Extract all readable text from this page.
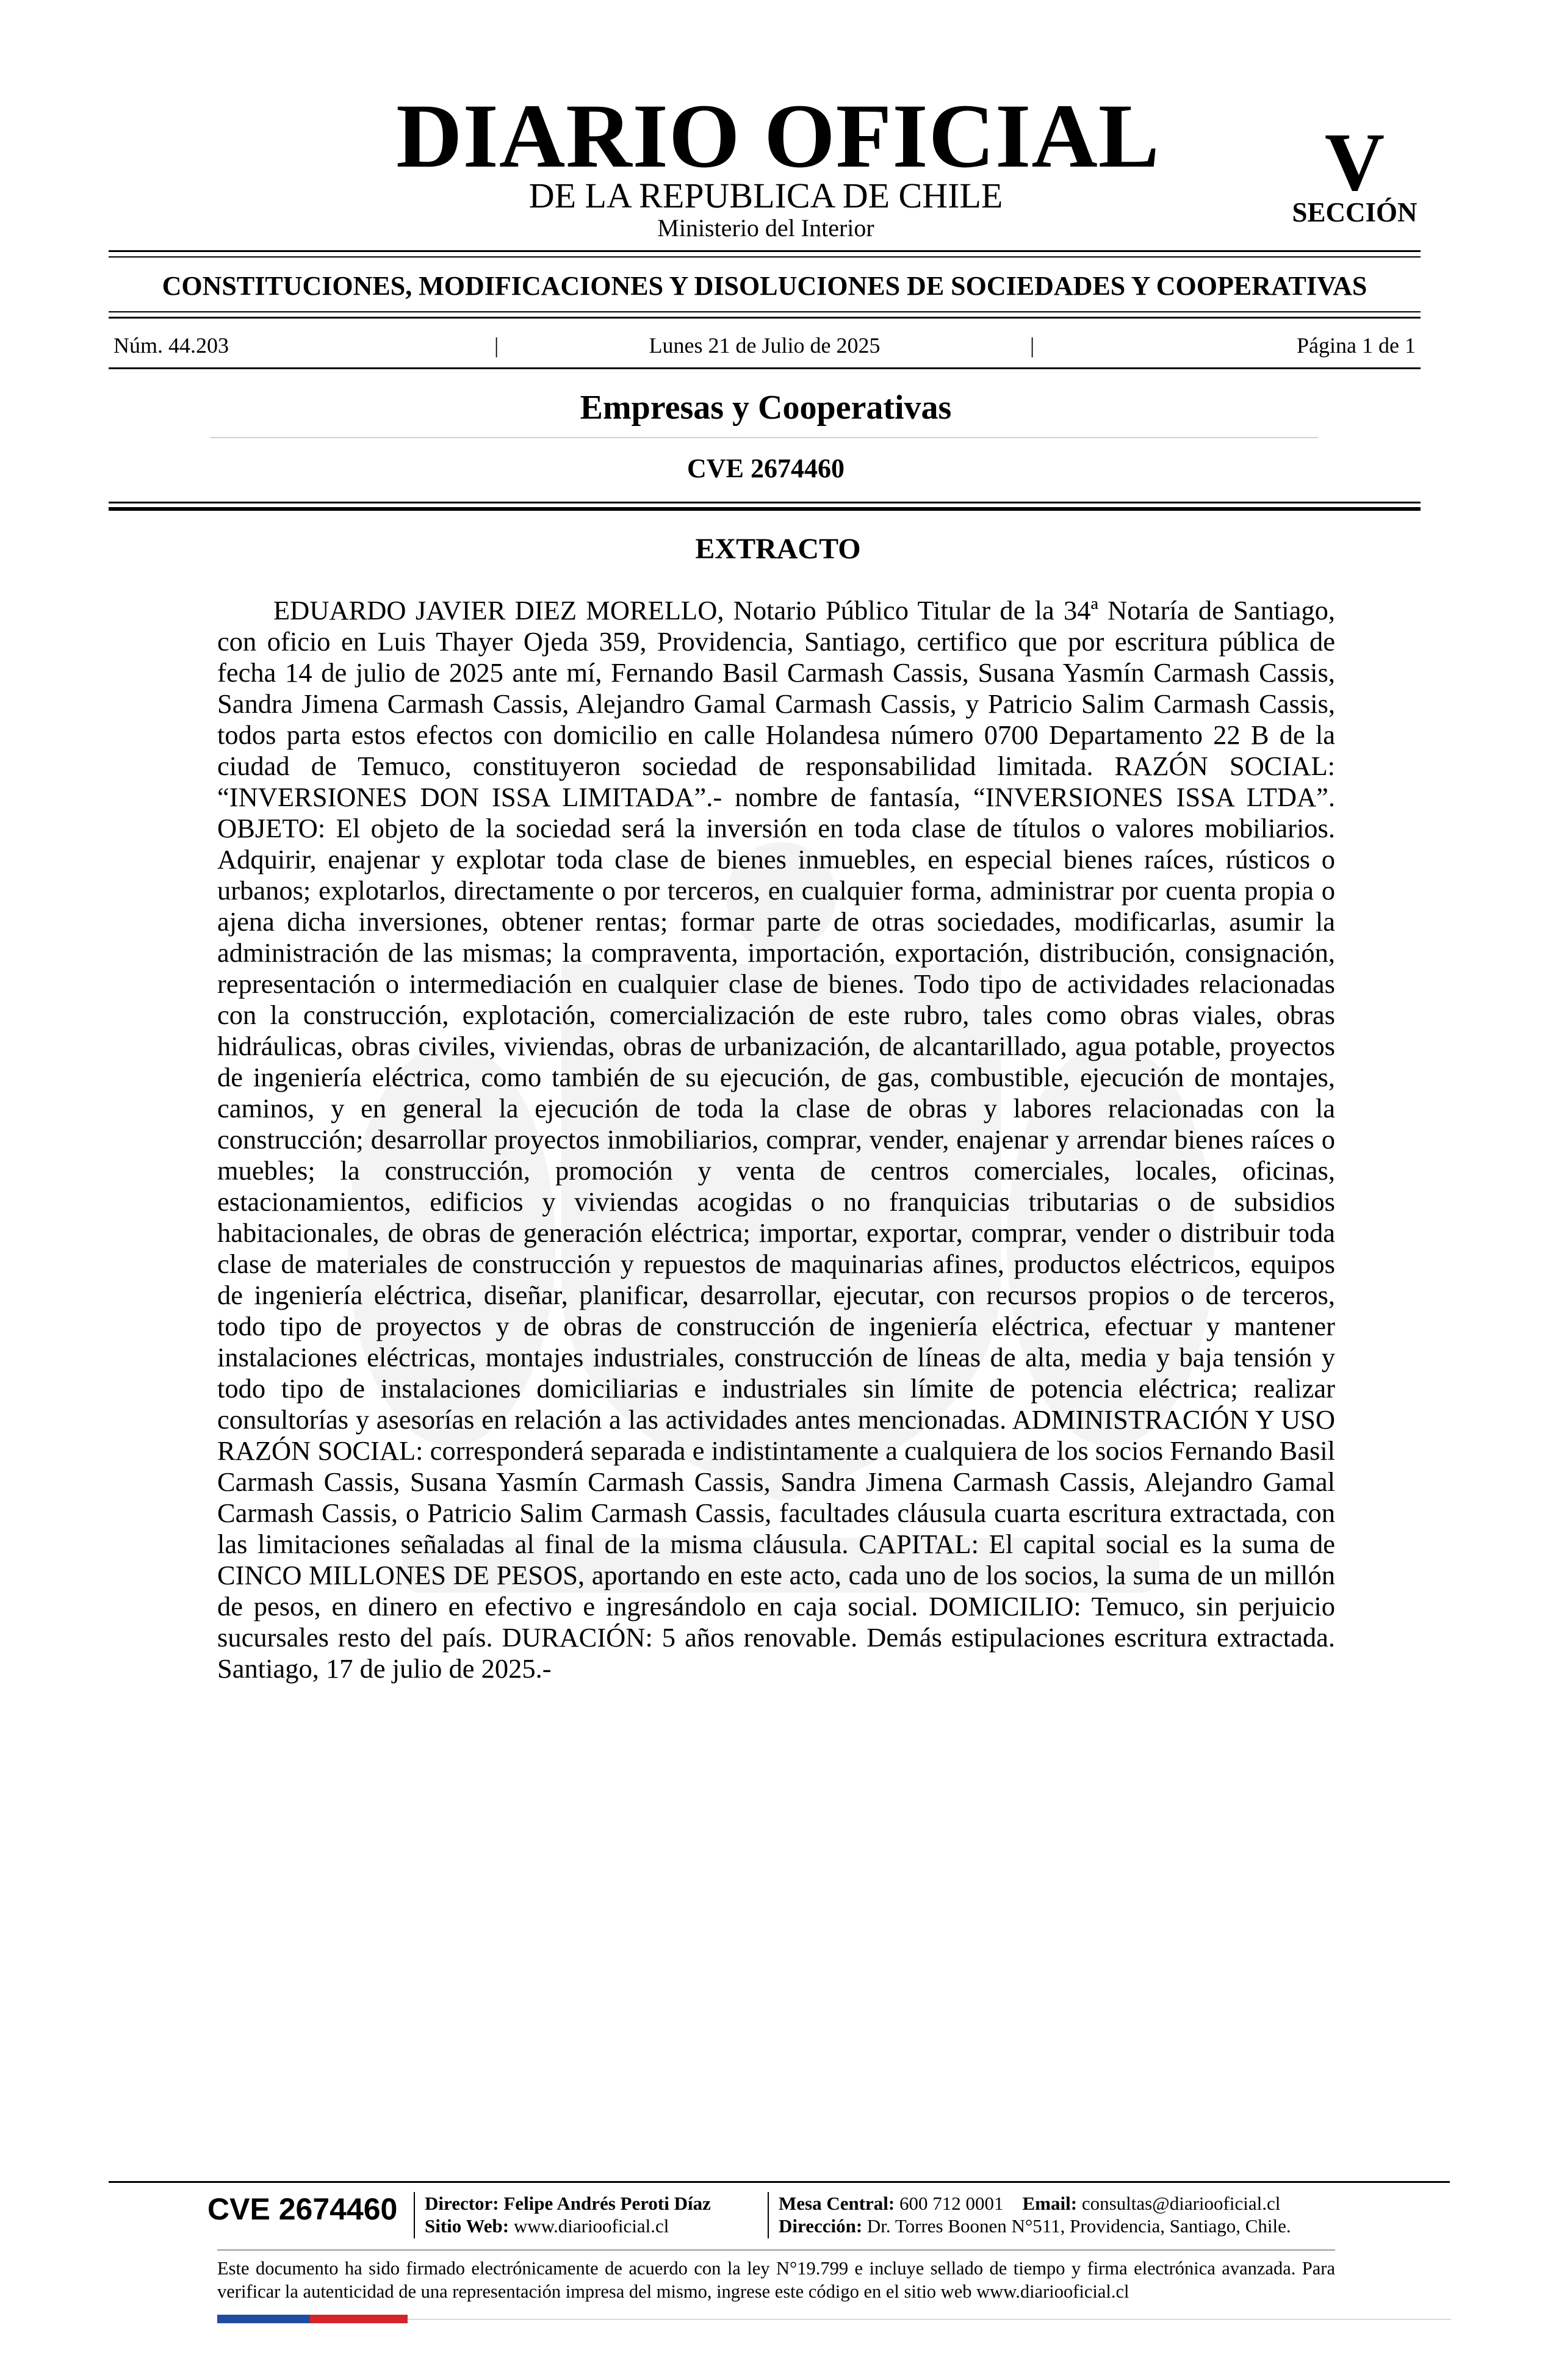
DIARIO OFICIAL
DE LA REPUBLICA DE CHILE
Ministerio del Interior
V
SECCIÓN
CONSTITUCIONES, MODIFICACIONES Y DISOLUCIONES DE SOCIEDADES Y COOPERATIVAS
Núm. 44.203	|	Lunes 21 de Julio de 2025	|	Página 1 de 1
Empresas y Cooperativas
CVE 2674460
EXTRACTO
EDUARDO JAVIER DIEZ MORELLO, Notario Público Titular de la 34ª Notaría de Santiago, con oficio en Luis Thayer Ojeda 359, Providencia, Santiago, certifico que por escritura pública de fecha 14 de julio de 2025 ante mí, Fernando Basil Carmash Cassis, Susana Yasmín Carmash Cassis, Sandra Jimena Carmash Cassis, Alejandro Gamal Carmash Cassis, y Patricio Salim Carmash Cassis, todos parta estos efectos con domicilio en calle Holandesa número 0700 Departamento 22 B de la ciudad de Temuco, constituyeron sociedad de responsabilidad limitada. RAZÓN SOCIAL: “INVERSIONES DON ISSA LIMITADA”.- nombre de fantasía, “INVERSIONES ISSA LTDA”. OBJETO: El objeto de la sociedad será la inversión en toda clase de títulos o valores mobiliarios. Adquirir, enajenar y explotar toda clase de bienes inmuebles, en especial bienes raíces, rústicos o urbanos; explotarlos, directamente o por terceros, en cualquier forma, administrar por cuenta propia o ajena dicha inversiones, obtener rentas; formar parte de otras sociedades, modificarlas, asumir la administración de las mismas; la compraventa, importación, exportación, distribución, consignación, representación o intermediación en cualquier clase de bienes. Todo tipo de actividades relacionadas con la construcción, explotación, comercialización de este rubro, tales como obras viales, obras hidráulicas, obras civiles, viviendas, obras de urbanización, de alcantarillado, agua potable, proyectos de ingeniería eléctrica, como también de su ejecución, de gas, combustible, ejecución de montajes, caminos, y en general la ejecución de toda la clase de obras y labores relacionadas con la construcción; desarrollar proyectos inmobiliarios, comprar, vender, enajenar y arrendar bienes raíces o muebles; la construcción, promoción y venta de centros comerciales, locales, oficinas, estacionamientos, edificios y viviendas acogidas o no franquicias tributarias o de subsidios habitacionales, de obras de generación eléctrica; importar, exportar, comprar, vender o distribuir toda clase de materiales de construcción y repuestos de maquinarias afines, productos eléctricos, equipos de ingeniería eléctrica, diseñar, planificar, desarrollar, ejecutar, con recursos propios o de terceros, todo tipo de proyectos y de obras de construcción de ingeniería eléctrica, efectuar y mantener instalaciones eléctricas, montajes industriales, construcción de líneas de alta, media y baja tensión y todo tipo de instalaciones domiciliarias e industriales sin límite de potencia eléctrica; realizar consultorías y asesorías en relación a las actividades antes mencionadas. ADMINISTRACIÓN Y USO RAZÓN SOCIAL: corresponderá separada e indistintamente a cualquiera de los socios Fernando Basil Carmash Cassis, Susana Yasmín Carmash Cassis, Sandra Jimena Carmash Cassis, Alejandro Gamal Carmash Cassis, o Patricio Salim Carmash Cassis, facultades cláusula cuarta escritura extractada, con las limitaciones señaladas al final de la misma cláusula. CAPITAL: El capital social es la suma de CINCO MILLONES DE PESOS, aportando en este acto, cada uno de los socios, la suma de un millón de pesos, en dinero en efectivo e ingresándolo en caja social. DOMICILIO: Temuco, sin perjuicio sucursales resto del país. DURACIÓN: 5 años renovable. Demás estipulaciones escritura extractada. Santiago, 17 de julio de 2025.-
CVE 2674460 Director: Felipe Andrés Peroti Díaz
Sitio Web: www.diariooficial.cl
Mesa Central: 600 712 0001 Email: consultas@diariooficial.cl
Dirección: Dr. Torres Boonen N°511, Providencia, Santiago, Chile.
Este documento ha sido firmado electrónicamente de acuerdo con la ley N°19.799 e incluye sellado de tiempo y firma electrónica avanzada. Para verificar la autenticidad de una representación impresa del mismo, ingrese este código en el sitio web www.diariooficial.cl
